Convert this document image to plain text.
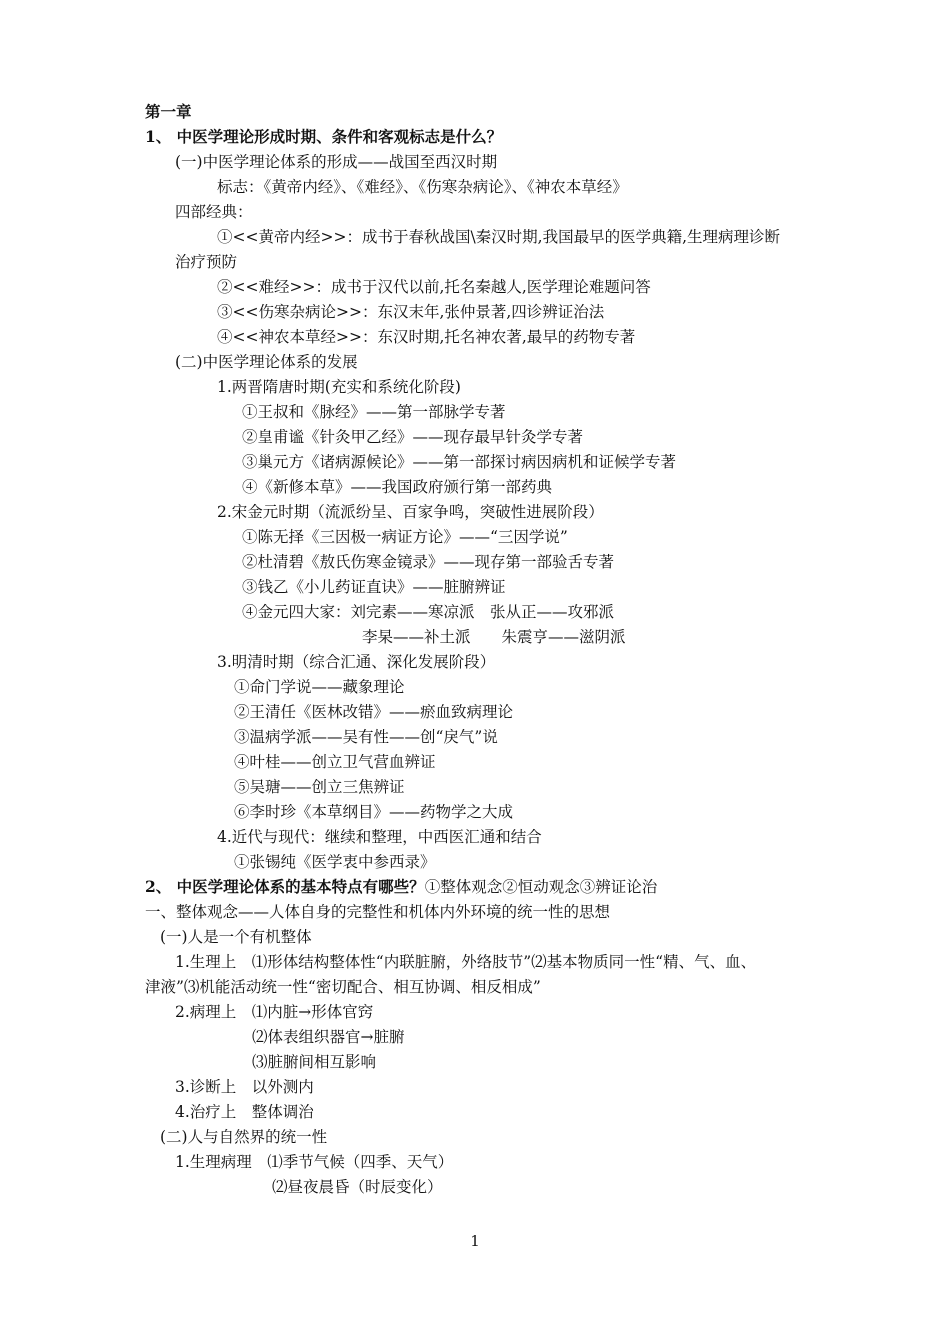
第一章
1、 中医学理论形成时期、条件和客观标志是什么？
(一)中医学理论体系的形成——战国至西汉时期
标志：《黄帝内经》、《难经》、《伤寒杂病论》、《神农本草经》
四部经典：
①<<黄帝内经>>：成书于春秋战国\秦汉时期,我国最早的医学典籍,生理病理诊断
治疗预防
②<<难经>>：成书于汉代以前,托名秦越人,医学理论难题问答
③<<伤寒杂病论>>：东汉末年,张仲景著,四诊辨证治法
④<<神农本草经>>：东汉时期,托名神农著,最早的药物专著
(二)中医学理论体系的发展
1.两晋隋唐时期(充实和系统化阶段)
①王叔和《脉经》——第一部脉学专著
②皇甫谧《针灸甲乙经》——现存最早针灸学专著
③巢元方《诸病源候论》——第一部探讨病因病机和证候学专著
④《新修本草》——我国政府颁行第一部药典
2.宋金元时期（流派纷呈、百家争鸣，突破性进展阶段）
①陈无择《三因极一病证方论》——“三因学说”
②杜清碧《敖氏伤寒金镜录》——现存第一部验舌专著
③钱乙《小儿药证直诀》——脏腑辨证
④金元四大家：刘完素——寒凉派　张从正——攻邪派
李杲——补土派　　朱震亨——滋阴派
3.明清时期（综合汇通、深化发展阶段）
①命门学说——藏象理论
②王清任《医林改错》——瘀血致病理论
③温病学派——吴有性——创“戾气”说
④叶桂——创立卫气营血辨证
⑤吴瑭——创立三焦辨证
⑥李时珍《本草纲目》——药物学之大成
4.近代与现代：继续和整理，中西医汇通和结合
①张锡纯《医学衷中参西录》
2、 中医学理论体系的基本特点有哪些？①整体观念②恒动观念③辨证论治
一、整体观念——人体自身的完整性和机体内外环境的统一性的思想
(一)人是一个有机整体
1.生理上　⑴形体结构整体性“内联脏腑，外络肢节”⑵基本物质同一性“精、气、血、
津液”⑶机能活动统一性“密切配合、相互协调、相反相成”
2.病理上　⑴内脏→形体官窍
⑵体表组织器官→脏腑
⑶脏腑间相互影响
3.诊断上　以外测内
4.治疗上　整体调治
(二)人与自然界的统一性
1.生理病理　⑴季节气候（四季、天气）
⑵昼夜晨昏（时辰变化）
1
